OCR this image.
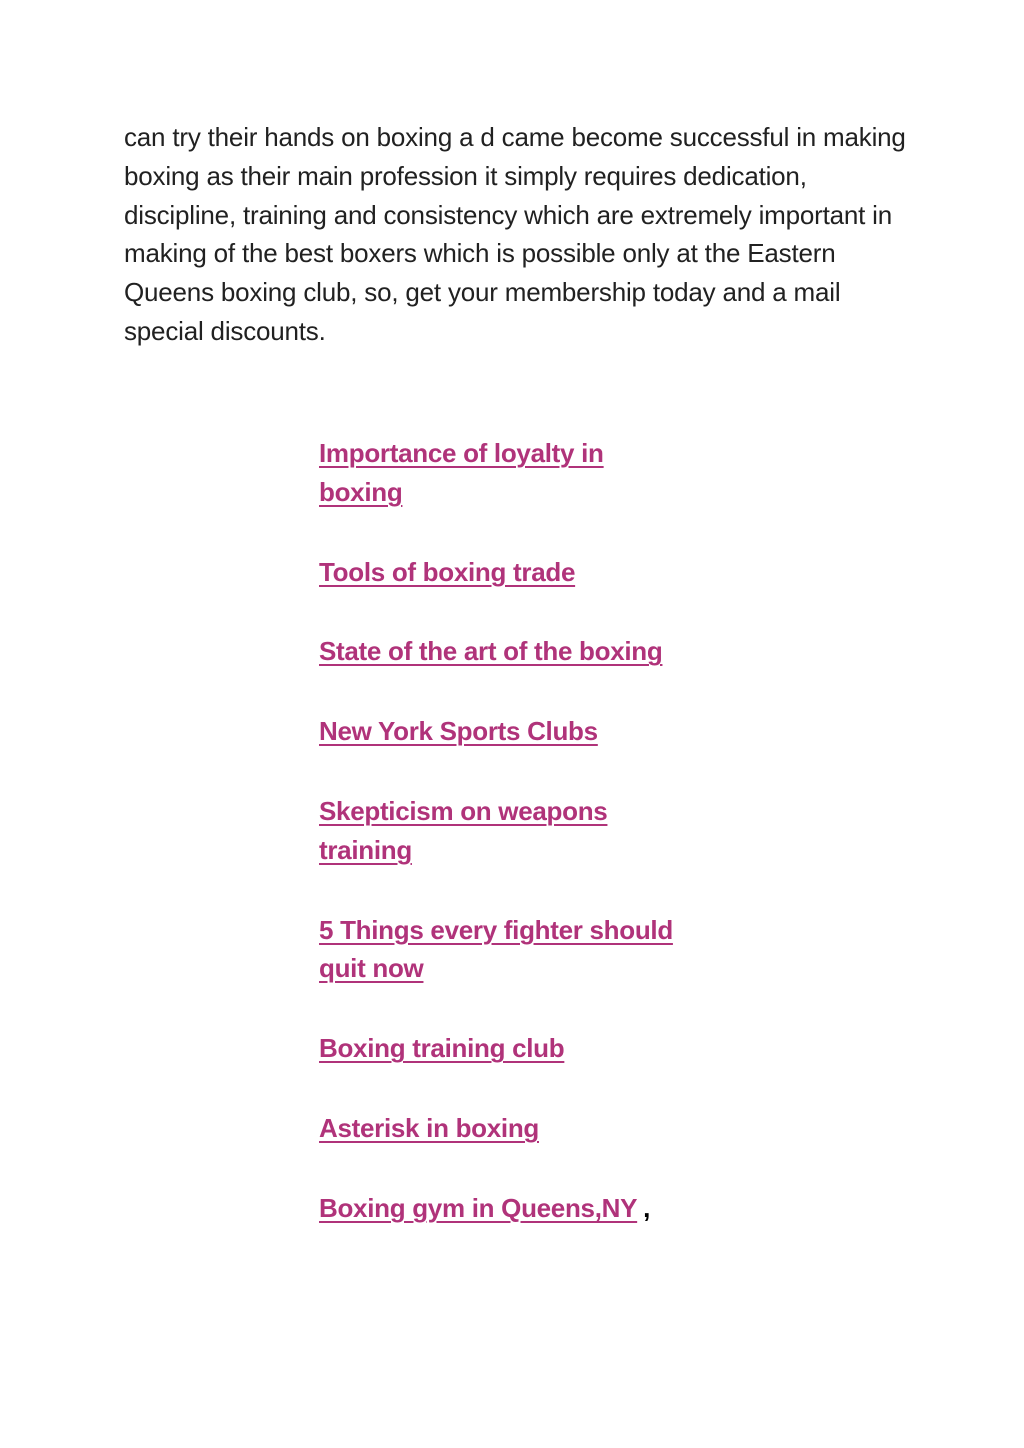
can try their hands on boxing a d came become successful in making boxing as their main profession it simply requires dedication, discipline, training and consistency which are extremely important in making of the best boxers which is possible only at the Eastern Queens boxing club, so, get your membership today and a mail special discounts.

Importance of loyalty in boxing
Tools of boxing trade
State of the art of the boxing
New York Sports Clubs
Skepticism on weapons training
5 Things every fighter should quit now
Boxing training club
Asterisk in boxing
Boxing gym in Queens,NY ,
